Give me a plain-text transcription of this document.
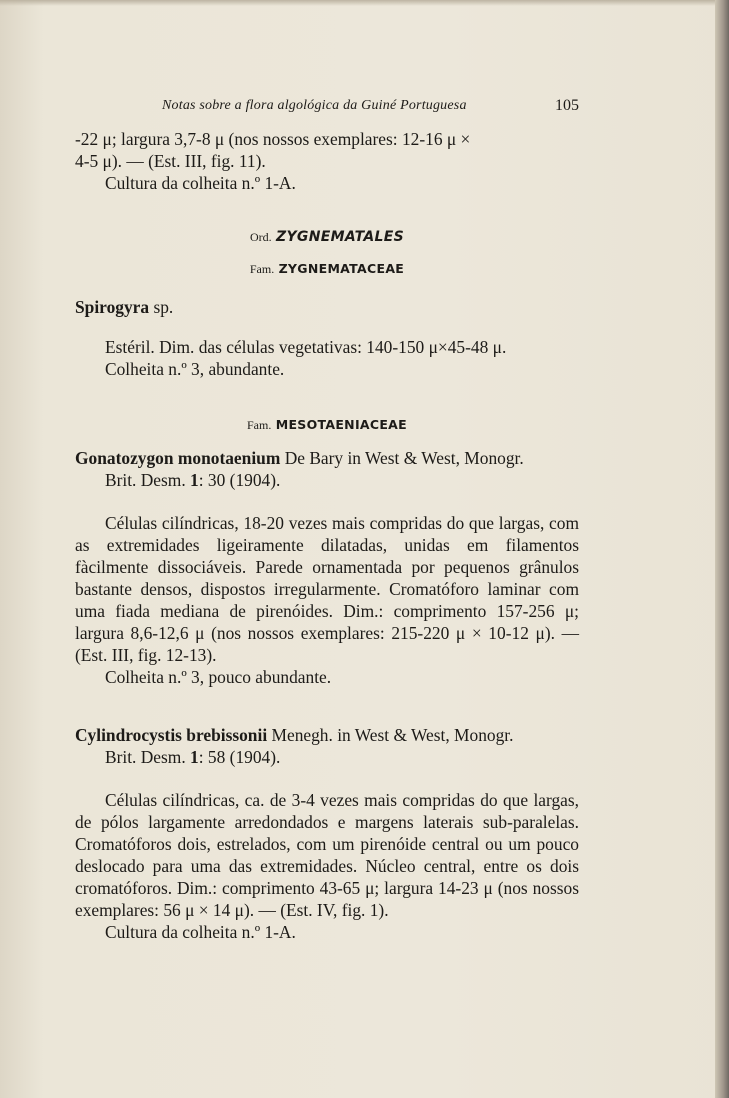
Notas sobre a flora algológica da Guiné Portuguesa	105

-22 μ; largura 3,7-8 μ (nos nossos exemplares: 12-16 μ ×

4-5 μ). — (Est. III, fig. 11).

Cultura da colheita n.º 1-A.

Ord. ZYGNEMATALES
Fam. ZYGNEMATACEAE

Spirogyra sp.

Estéril. Dim. das células vegetativas: 140-150 μ×45-48 μ.

Colheita n.º 3, abundante.

Fam. MESOTAENIACEAE

Gonatozygon monotaenium De Bary in West & West, Monogr.
Brit. Desm. 1: 30 (1904).

Células cilíndricas, 18-20 vezes mais compridas do que largas, com as extremidades ligeiramente dilatadas, unidas em filamentos fàcilmente dissociáveis. Parede ornamentada por pequenos grânulos bastante densos, dispostos irregularmente. Cromatóforo laminar com uma fiada mediana de pirenóides. Dim.: comprimento 157-256 μ; largura 8,6-12,6 μ (nos nossos exemplares: 215-220 μ × 10-12 μ). — (Est. III, fig. 12-13).

Colheita n.º 3, pouco abundante.

Cylindrocystis brebissonii Menegh. in West & West, Monogr.
Brit. Desm. 1: 58 (1904).

Células cilíndricas, ca. de 3-4 vezes mais compridas do que largas, de pólos largamente arredondados e margens laterais sub-paralelas. Cromatóforos dois, estrelados, com um pirenóide central ou um pouco deslocado para uma das extremidades. Núcleo central, entre os dois cromatóforos. Dim.: comprimento 43-65 μ; largura 14-23 μ (nos nossos exemplares: 56 μ × 14 μ). — (Est. IV, fig. 1).

Cultura da colheita n.º 1-A.
